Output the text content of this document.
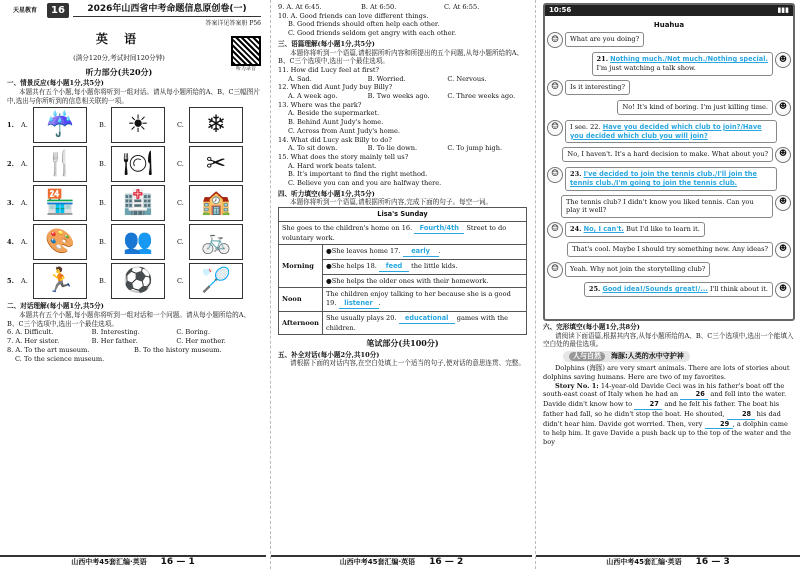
天星教育	16	2026年山西省中考命题信息原创卷(一)
答案详见答案册 P56
英 语
(满分120分,考试时间120分钟)
听力部分(共20分)	听力录音
一、情景反应(每小题1分,共5分)
本题共有五个小题,每小题你将听到一组对话。请从每小题所给的A、B、C三幅图片中,选出与你所听到的信息相关联的一项。
1.	A. ☔	B. ☀	C. ❄
2.	A. 🍴	B. 🍽	C. ✂
3.	A. 🏪	B. 🏥	C. 🏫
4.	A. 🎨	B. 👥	C. 🚲
5.	A. 🏃	B. ⚽	C. 🏸
二、对话理解(每小题1分,共5分)
本题共有五个小题,每小题你将听到一组对话和一个问题。请从每小题所给的A、B、C三个选项中,选出一个最佳选项。
6. A. Difficult.	B. Interesting.	C. Boring.
7. A. Her sister.	B. Her father.	C. Her mother.
8. A. To the art museum.	B. To the history museum.
C. To the science museum.
山西中考45套汇编·英语 16 — 1
9. A. At 6:45.	B. At 6:50.	C. At 6:55.
10. A. Good friends can love different things.
B. Good friends should often help each other.
C. Good friends seldom get angry with each other.
三、语篇理解(每小题1分,共5分)
本题你将听到一个语篇,请根据所听内容和所提出的五个问题,从每小题所给的A、B、C三个选项中,选出一个最佳选项。
11. How did Lucy feel at first?
A. Sad.	B. Worried.	C. Nervous.
12. When did Aunt Judy buy Billy?
A. A week ago.	B. Two weeks ago.	C. Three weeks ago.
13. Where was the park?
A. Beside the supermarket.
B. Behind Aunt Judy's home.
C. Across from Aunt Judy's home.
14. What did Lucy ask Billy to do?
A. To sit down.	B. To lie down.	C. To jump high.
15. What does the story mainly tell us?
A. Hard work beats talent.
B. It's important to find the right method.
C. Believe you can and you are halfway there.
四、听力填空(每小题1分,共5分)
本题你将听到一个语篇,请根据所听内容,完成下面的句子。每空一词。
Lisa's Sunday	
She goes to the children's home on 16. Fourth/4th Street to do voluntary work.	
Morning	●She leaves home 17. early .
	●She helps 18. feed the little kids.
	●She helps the older ones with their homework.
Noon	The children enjoy talking to her because she is a good 19. listener .
Afternoon	She usually plays 20. educational games with the children.
笔试部分(共100分)
五、补全对话(每小题2分,共10分)
请根据下面的对话内容,在空白处填上一个适当的句子,使对话的意思连贯、完整。
山西中考45套汇编·英语 16 — 2
10:56	▮▮▮
Huahua
☺	What are you doing?
☻
21. Nothing much./Not much./Nothing special.
I'm just watching a talk show.
☺	Is it interesting?
☻
No! It's kind of boring. I'm just killing time.
☺	I see. 22. Have you decided which club to join?/Have you decided which club you will join?
☻
No, I haven't. It's a hard decision to make. What about you?
☺	23. I've decided to join the tennis club./I'll join the tennis club./I'm going to join the tennis club.
☻
The tennis club? I didn't know you liked tennis. Can you play it well?
☺	24. No, I can't. But I'd like to learn it.
☻
That's cool. Maybe I should try something new. Any ideas?
☺	Yeah. Why not join the storytelling club?
☻
25. Good idea!/Sounds great!/... I'll think about it.
六、完形填空(每小题1分,共8分)
请阅读下面语篇,根据其内容,从每小题所给的A、B、C三个选项中,选出一个能填入空白处的最佳选项。
人与自然	海豚:人类的水中守护神
Dolphins (海豚) are very smart animals. There are lots of stories about dolphins saving humans. Here are two of my favorites.
Story No. 1: 14-year-old Davide Ceci was in his father's boat off the south-east coast of Italy when he had an	26 and fell into the water. Davide didn't know how to	27 and he felt his father. The boat his father had fall, so he didn't stop the boat. He shouted,	28 his dad didn't hear him. Davide got worried. Then, very	29 , a dolphin came to help him. It gave Davide a push back up to the top of the water and the boy
山西中考45套汇编·英语 16 — 3
